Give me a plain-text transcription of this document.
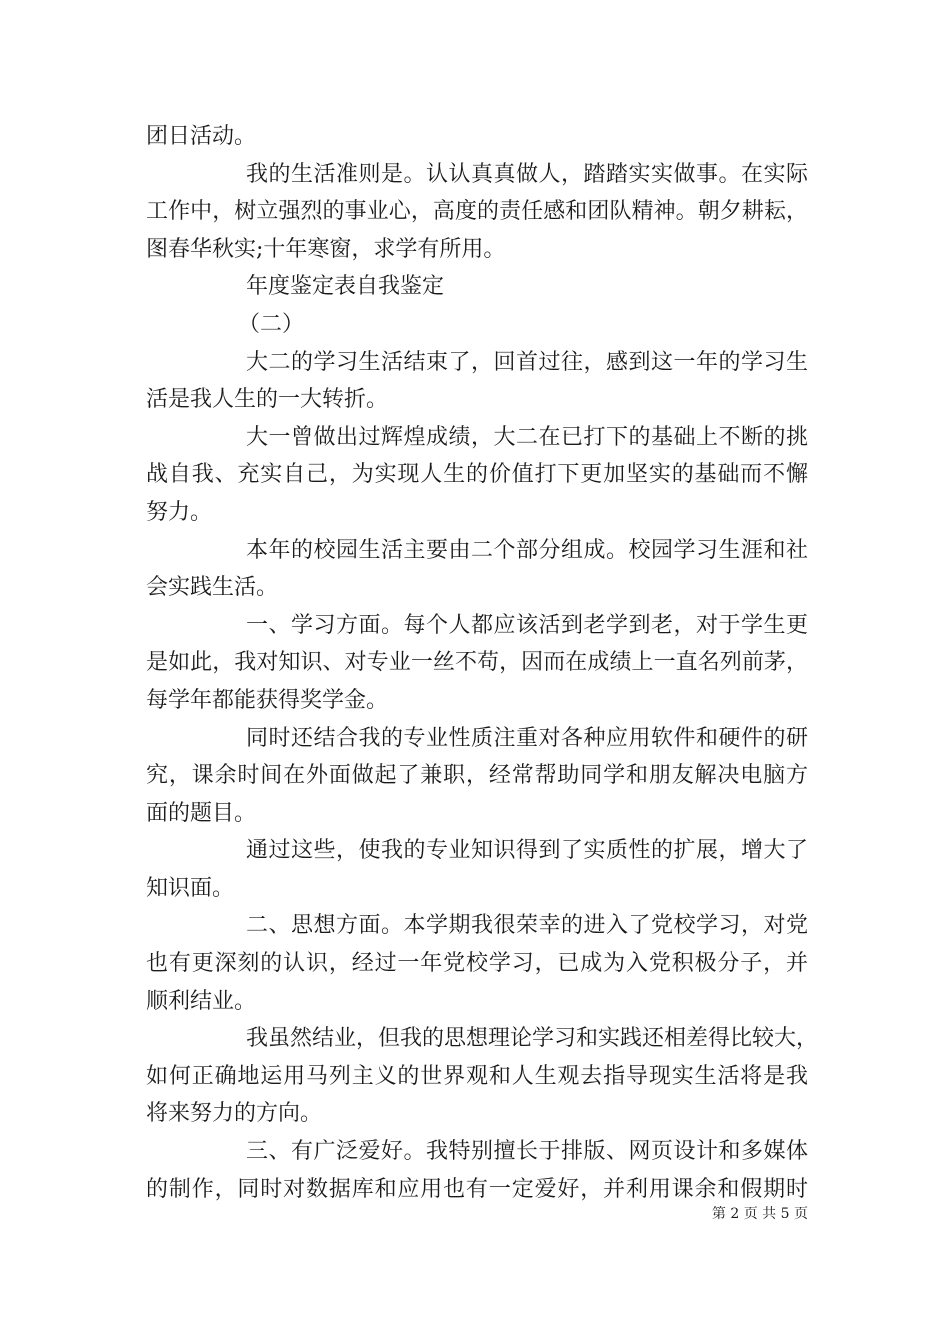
团日活动。
我的生活准则是。认认真真做人，踏踏实实做事。在实际
工作中，树立强烈的事业心，高度的责任感和团队精神。朝夕耕耘，
图春华秋实;十年寒窗，求学有所用。
年度鉴定表自我鉴定
（二）
大二的学习生活结束了，回首过往，感到这一年的学习生
活是我人生的一大转折。
大一曾做出过辉煌成绩，大二在已打下的基础上不断的挑
战自我、充实自己，为实现人生的价值打下更加坚实的基础而不懈
努力。
本年的校园生活主要由二个部分组成。校园学习生涯和社
会实践生活。
一、学习方面。每个人都应该活到老学到老，对于学生更
是如此，我对知识、对专业一丝不苟，因而在成绩上一直名列前茅，
每学年都能获得奖学金。
同时还结合我的专业性质注重对各种应用软件和硬件的研
究，课余时间在外面做起了兼职，经常帮助同学和朋友解决电脑方
面的题目。
通过这些，使我的专业知识得到了实质性的扩展，增大了
知识面。
二、思想方面。本学期我很荣幸的进入了党校学习，对党
也有更深刻的认识，经过一年党校学习，已成为入党积极分子，并
顺利结业。
我虽然结业，但我的思想理论学习和实践还相差得比较大，
如何正确地运用马列主义的世界观和人生观去指导现实生活将是我
将来努力的方向。
三、有广泛爱好。我特别擅长于排版、网页设计和多媒体
的制作，同时对数据库和应用也有一定爱好，并利用课余和假期时
第 2 页 共 5 页
